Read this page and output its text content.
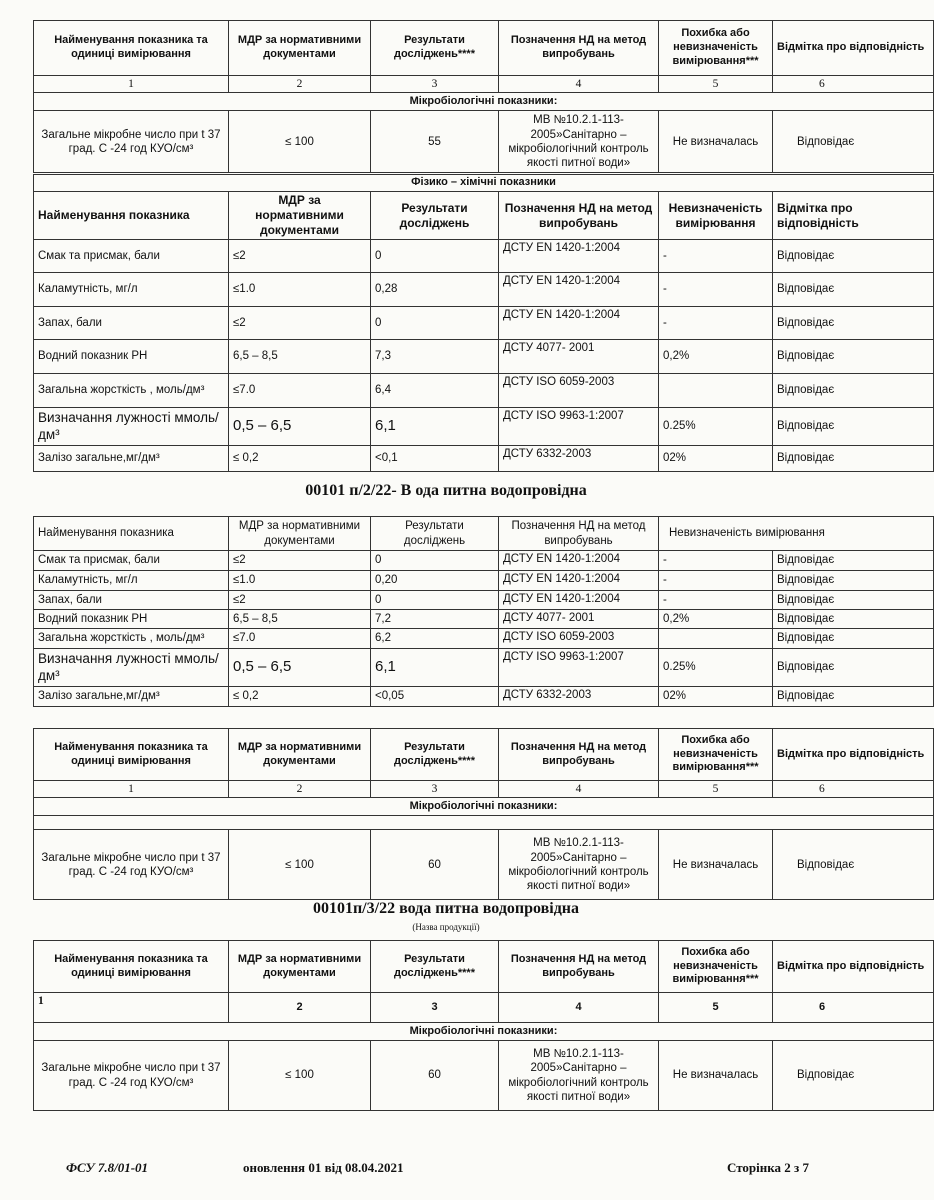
Найменування показника та одиниці вимірювання	МДР за нормативними документами	Результати досліджень****	Позначення НД на метод випробувань	Похибка або невизначеність вимірювання***	Відмітка про відповідність
1	2	3	4	5	6
Мікробіологічні показники:					
Загальне мікробне число при t 37 град. С -24 год КУО/см³	≤ 100	55	МВ №10.2.1-113-2005»Санітарно – мікробіологічний контроль якості питної води»	Не визначалась	Відповідає
Фізико – хімічні показники					
Найменування показника	МДР за нормативними документами	Результати досліджень	Позначення НД на метод випробувань	Невизначеність вимірювання	Відмітка про відповідність
Смак та присмак, бали	≤2	0	ДСТУ EN 1420-1:2004	-	Відповідає
Каламутність, мг/л	≤1.0	0,28	ДСТУ EN 1420-1:2004	-	Відповідає
Запах, бали	≤2	0	ДСТУ EN 1420-1:2004	-	Відповідає
Водний показник РН	6,5 – 8,5	7,3	ДСТУ 4077- 2001	0,2%	Відповідає
Загальна жорсткість , моль/дм³	≤7.0	6,4	ДСТУ ISO 6059-2003		Відповідає
Визначання лужності ммоль/дм³	0,5 – 6,5	6,1	ДСТУ ISO 9963-1:2007	0.25%	Відповідає
Залізо загальне,мг/дм³	≤ 0,2	<0,1	ДСТУ 6332-2003	02%	Відповідає
00101 п/2/22- В ода питна водопровідна
Найменування показника	МДР за нормативними документами	Результати досліджень	Позначення НД на метод випробувань	Невизначеність вимірювання	
Смак та присмак, бали	≤2	0	ДСТУ EN 1420-1:2004	-	Відповідає
Каламутність, мг/л	≤1.0	0,20	ДСТУ EN 1420-1:2004	-	Відповідає
Запах, бали	≤2	0	ДСТУ EN 1420-1:2004	-	Відповідає
Водний показник РН	6,5 – 8,5	7,2	ДСТУ 4077- 2001	0,2%	Відповідає
Загальна жорсткість , моль/дм³	≤7.0	6,2	ДСТУ ISO 6059-2003		Відповідає
Визначання лужності ммоль/дм³	0,5 – 6,5	6,1	ДСТУ ISO 9963-1:2007	0.25%	Відповідає
Залізо загальне,мг/дм³	≤ 0,2	<0,05	ДСТУ 6332-2003	02%	Відповідає
Найменування показника та одиниці вимірювання	МДР за нормативними документами	Результати досліджень****	Позначення НД на метод випробувань	Похибка або невизначеність вимірювання***	Відмітка про відповідність
1	2	3	4	5	6
Мікробіологічні показники:					

Загальне мікробне число при t 37 град. С -24 год КУО/см³	≤ 100	60	МВ №10.2.1-113-2005»Санітарно – мікробіологічний контроль якості питної води»	Не визначалась	Відповідає
00101п/3/22 вода питна водопровідна
(Назва продукції)
Найменування показника та одиниці вимірювання	МДР за нормативними документами	Результати досліджень****	Позначення НД на метод випробувань	Похибка або невизначеність вимірювання***	Відмітка про відповідність
1	2	3	4	5	6
Мікробіологічні показники:					
Загальне мікробне число при t 37 град. С -24 год КУО/см³	≤ 100	60	МВ №10.2.1-113-2005»Санітарно – мікробіологічний контроль якості питної води»	Не визначалась	Відповідає
ФСУ 7.8/01-01	оновлення 01 від 08.04.2021	Сторінка 2 з 7
